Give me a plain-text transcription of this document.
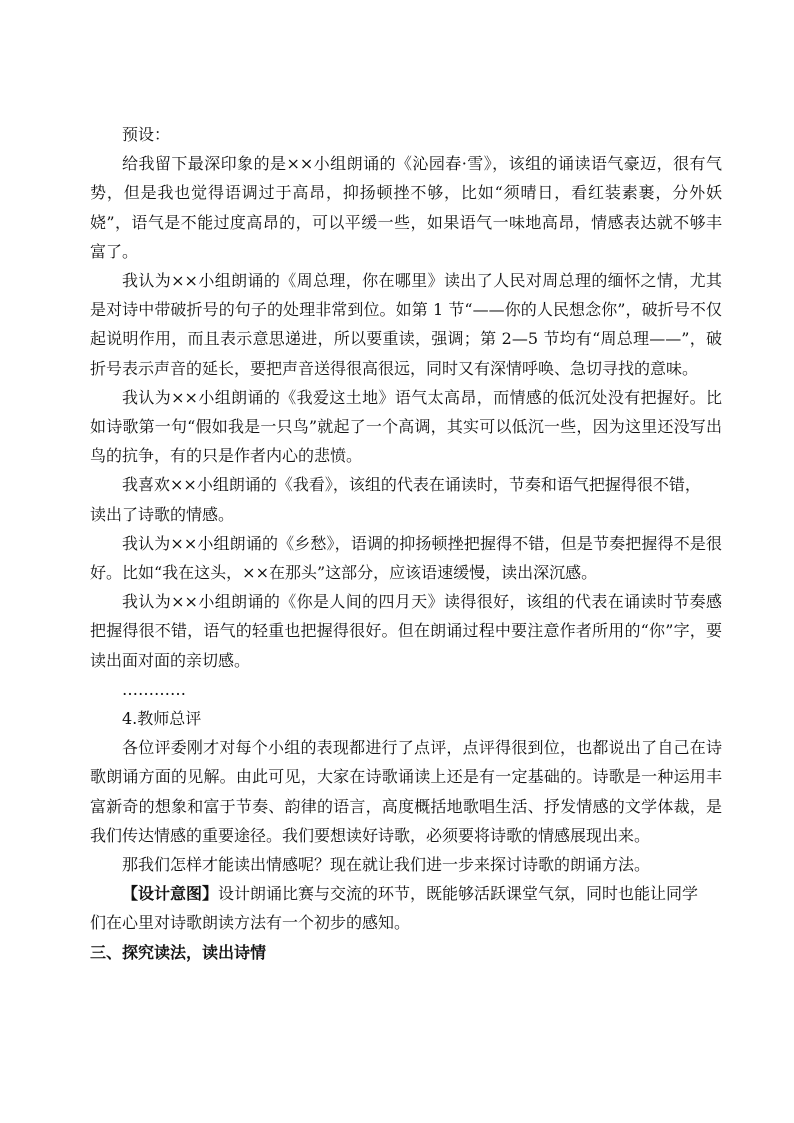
预设：

给我留下最深印象的是××小组朗诵的《沁园春·雪》，该组的诵读语气豪迈，很有气势，但是我也觉得语调过于高昂，抑扬顿挫不够，比如“须晴日，看红装素裹，分外妖娆”，语气是不能过度高昂的，可以平缓一些，如果语气一味地高昂，情感表达就不够丰富了。

我认为××小组朗诵的《周总理，你在哪里》读出了人民对周总理的缅怀之情，尤其是对诗中带破折号的句子的处理非常到位。如第 1 节“——你的人民想念你”，破折号不仅起说明作用，而且表示意思递进，所以要重读，强调；第 2—5 节均有“周总理——”，破折号表示声音的延长，要把声音送得很高很远，同时又有深情呼唤、急切寻找的意味。

我认为××小组朗诵的《我爱这土地》语气太高昂，而情感的低沉处没有把握好。比如诗歌第一句“假如我是一只鸟”就起了一个高调，其实可以低沉一些，因为这里还没写出鸟的抗争，有的只是作者内心的悲愤。

我喜欢××小组朗诵的《我看》，该组的代表在诵读时，节奏和语气把握得很不错，

读出了诗歌的情感。

我认为××小组朗诵的《乡愁》，语调的抑扬顿挫把握得不错，但是节奏把握得不是很好。比如“我在这头，××在那头”这部分，应该语速缓慢，读出深沉感。

我认为××小组朗诵的《你是人间的四月天》读得很好，该组的代表在诵读时节奏感把握得很不错，语气的轻重也把握得很好。但在朗诵过程中要注意作者所用的“你”字，要读出面对面的亲切感。

…………

4.教师总评

各位评委刚才对每个小组的表现都进行了点评，点评得很到位，也都说出了自己在诗歌朗诵方面的见解。由此可见，大家在诗歌诵读上还是有一定基础的。诗歌是一种运用丰富新奇的想象和富于节奏、韵律的语言，高度概括地歌唱生活、抒发情感的文学体裁，是我们传达情感的重要途径。我们要想读好诗歌，必须要将诗歌的情感展现出来。

那我们怎样才能读出情感呢？现在就让我们进一步来探讨诗歌的朗诵方法。

【设计意图】设计朗诵比赛与交流的环节，既能够活跃课堂气氛，同时也能让同学

们在心里对诗歌朗读方法有一个初步的感知。

三、探究读法，读出诗情
